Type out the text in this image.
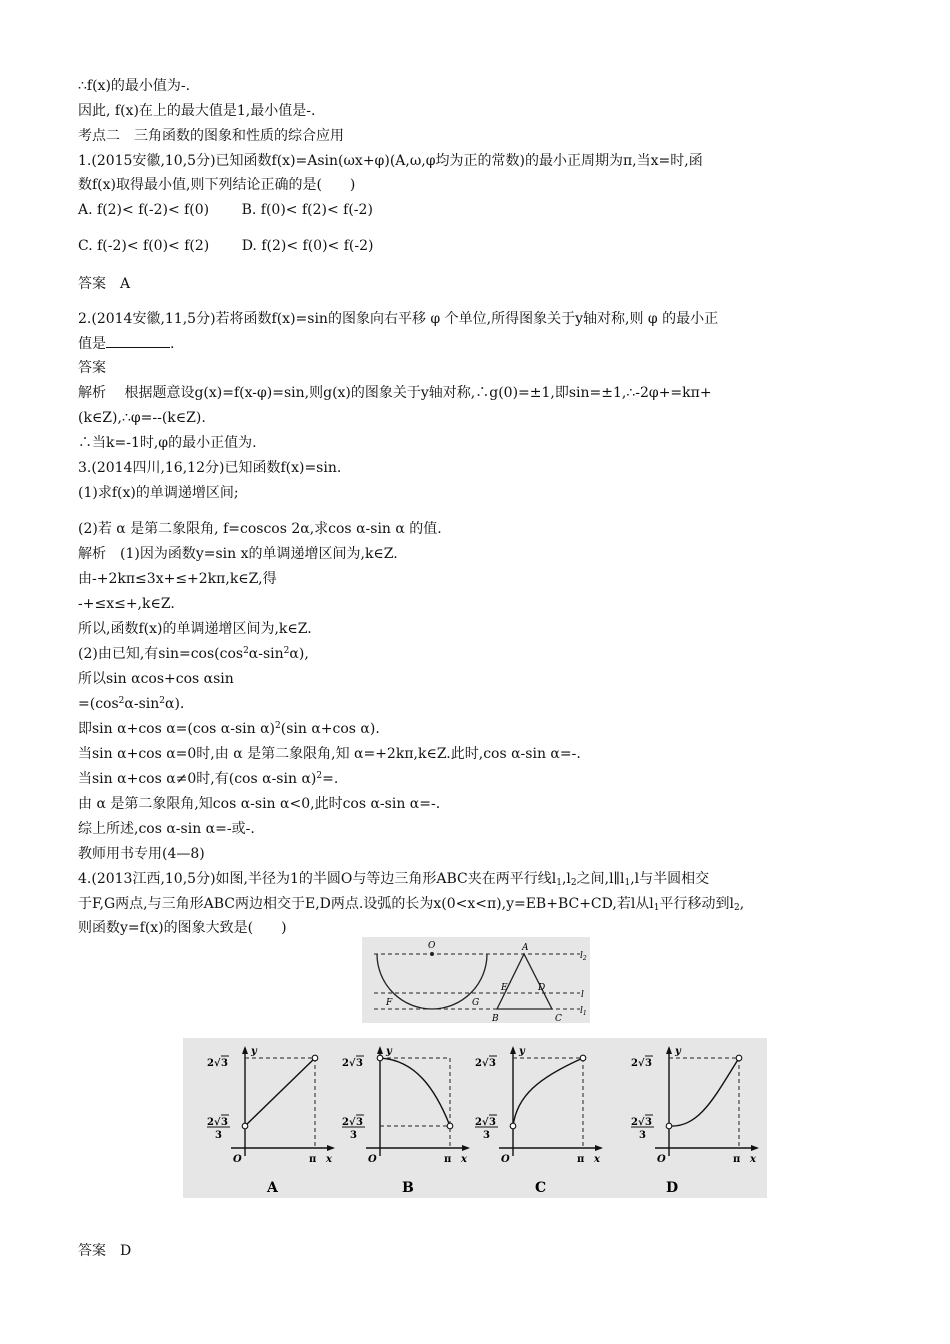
∴f(x)的最小值为-.
因此, f(x)在上的最大值是1,最小值是-.
考点二　三角函数的图象和性质的综合应用
1.(2015安徽,10,5分)已知函数f(x)=Asin(ωx+φ)(A,ω,φ均为正的常数)的最小正周期为π,当x=时,函
数f(x)取得最小值,则下列结论正确的是(　　)
A. f(2)< f(-2)< f(0)　　 B. f(0)< f(2)< f(-2)
C. f(-2)< f(0)< f(2)　　 D. f(2)< f(0)< f(-2)
答案　A
2.(2014安徽,11,5分)若将函数f(x)=sin的图象向右平移 φ 个单位,所得图象关于y轴对称,则 φ 的最小正
值是	.
答案
解析　 根据题意设g(x)=f(x-φ)=sin,则g(x)的图象关于y轴对称,∴g(0)=±1,即sin=±1,∴-2φ+=kπ+
(k∈Z),∴φ=--(k∈Z).
∴当k=-1时,φ的最小正值为.
3.(2014四川,16,12分)已知函数f(x)=sin.
(1)求f(x)的单调递增区间;
(2)若 α 是第二象限角, f=coscos 2α,求cos α-sin α 的值.
解析　(1)因为函数y=sin x的单调递增区间为,k∈Z.
由-+2kπ≤3x+≤+2kπ,k∈Z,得
-+≤x≤+,k∈Z.
所以,函数f(x)的单调递增区间为,k∈Z.
(2)由已知,有$\sin=\cos(\cos^2\alpha-\sin^2\alpha)$,
所以sin αcos+cos αsin
$=(\cos^2\alpha-\sin^2\alpha)$.
即sin α+cos α=(cos α-sin α)$^2$(sin α+cos α).
当sin α+cos α=0时,由 α 是第二象限角,知 α=+2kπ,k∈Z.此时,cos α-sin α=-.
当sin α+cos α≠0时,有(cos α-sin α)$^2$=.
由 α 是第二象限角,知cos α-sin α<0,此时cos α-sin α=-.
综上所述,cos α-sin α=-或-.
教师用书专用(4—8)
4.(2013江西,10,5分)如图,半径为1的半圆O与等边三角形ABC夹在两平行线$l_1,l_2$之间$,l\parallel l_1,l$与半圆相交
于F,G两点,与三角形ABC两边相交于E,D两点.设弧的长为x(0<x<π),y=EB+BC+CD,若l从$l_1$平行移动到$l_2$,
则函数y=f(x)的图象大致是(　　)
O	A
E	D
F	G
B	C
$l_2$
l
$l_1$
y
x
O	π
2 √ 3
2 √ 3
3
A
y
x
O	π
2 √ 3
2 √ 3
3
B
y
x
O	π
2 √ 3
2 √ 3
3
C
y
x
O	π
2 √ 3
2 √ 3
3
D
答案　D
